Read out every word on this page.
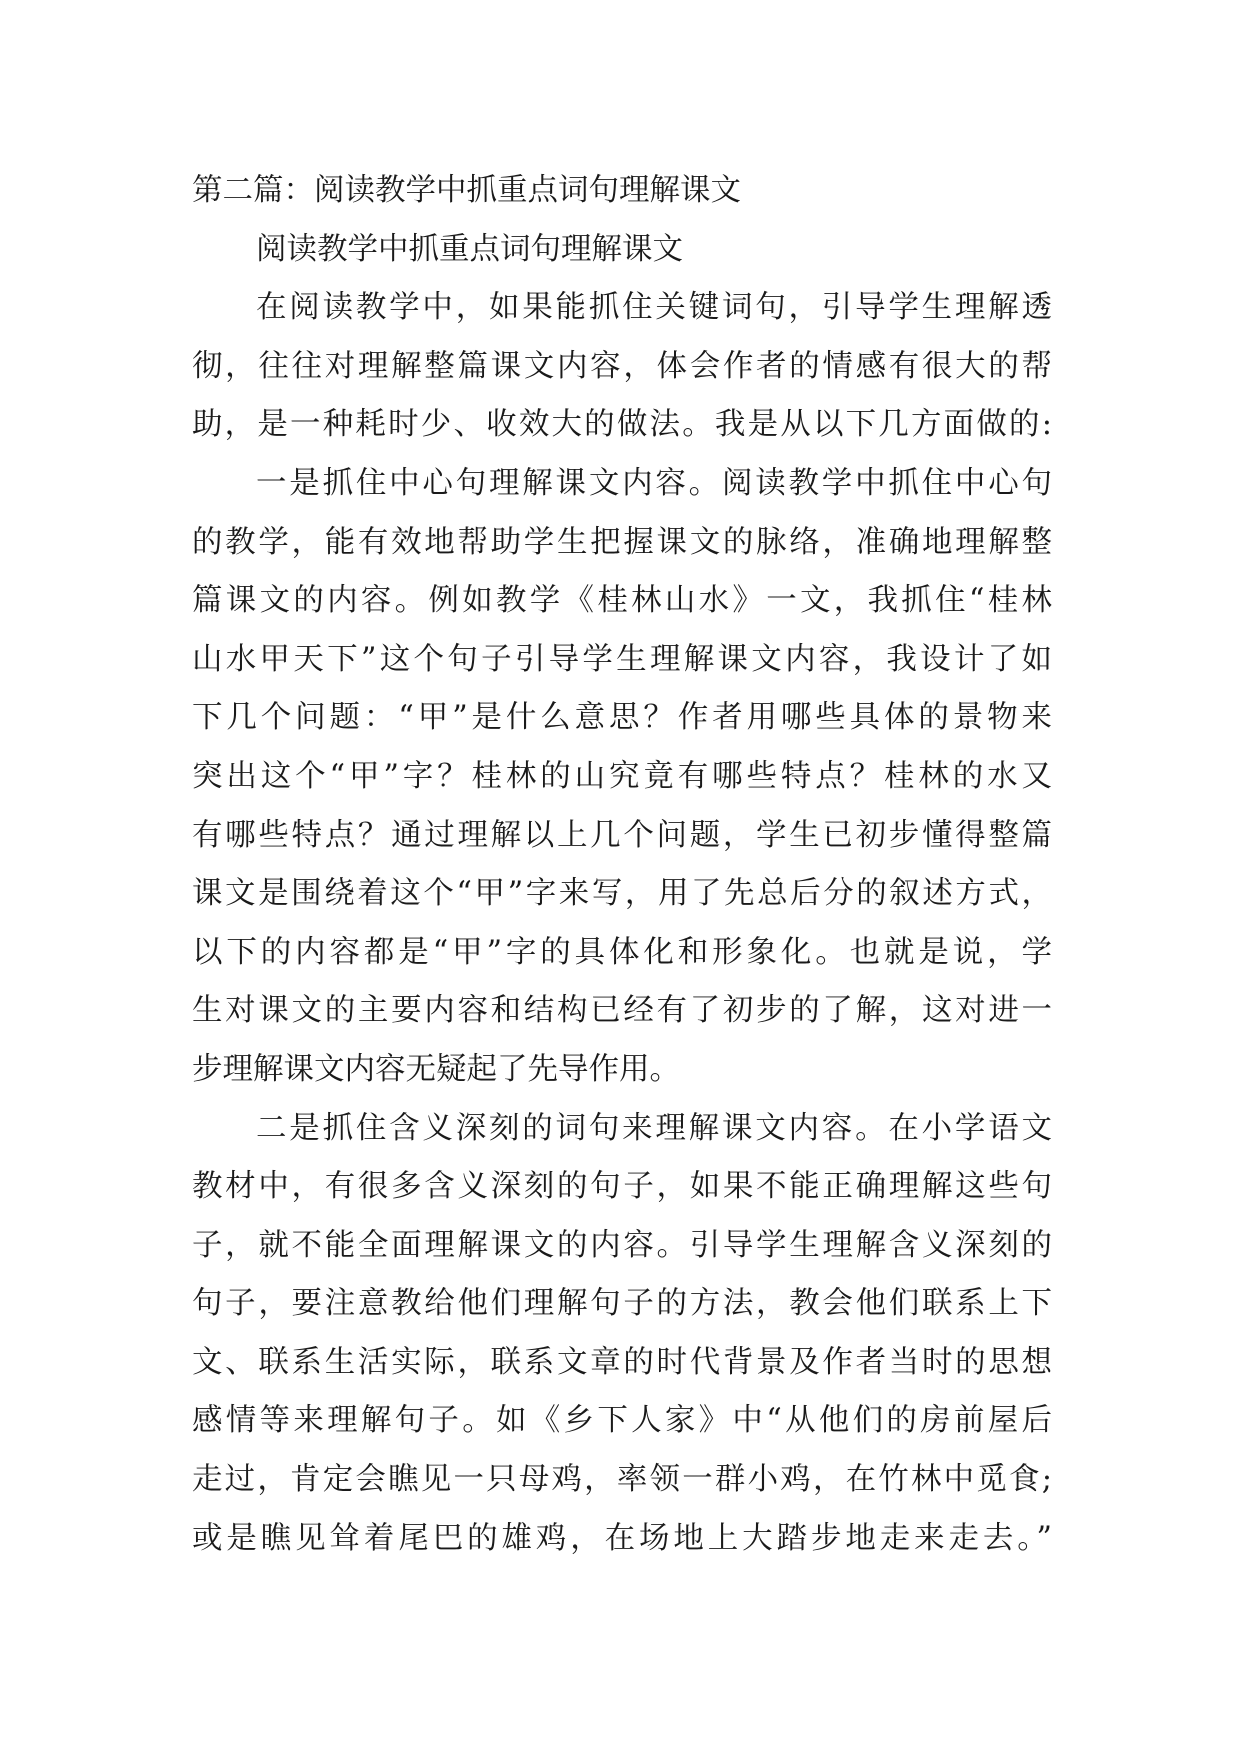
第二篇：阅读教学中抓重点词句理解课文
阅读教学中抓重点词句理解课文
在阅读教学中，如果能抓住关键词句，引导学生理解透
彻，往往对理解整篇课文内容，体会作者的情感有很大的帮
助，是一种耗时少、收效大的做法。我是从以下几方面做的:
一是抓住中心句理解课文内容。阅读教学中抓住中心句
的教学，能有效地帮助学生把握课文的脉络，准确地理解整
篇课文的内容。例如教学《桂林山水》一文，我抓住“桂林
山水甲天下”这个句子引导学生理解课文内容，我设计了如
下几个问题：“甲”是什么意思？作者用哪些具体的景物来
突出这个“甲”字？桂林的山究竟有哪些特点？桂林的水又
有哪些特点？通过理解以上几个问题，学生已初步懂得整篇
课文是围绕着这个“甲”字来写，用了先总后分的叙述方式，
以下的内容都是“甲”字的具体化和形象化。也就是说，学
生对课文的主要内容和结构已经有了初步的了解，这对进一
步理解课文内容无疑起了先导作用。
二是抓住含义深刻的词句来理解课文内容。在小学语文
教材中，有很多含义深刻的句子，如果不能正确理解这些句
子，就不能全面理解课文的内容。引导学生理解含义深刻的
句子，要注意教给他们理解句子的方法，教会他们联系上下
文、联系生活实际，联系文章的时代背景及作者当时的思想
感情等来理解句子。如《乡下人家》中“从他们的房前屋后
走过，肯定会瞧见一只母鸡，率领一群小鸡，在竹林中觅食;
或是瞧见耸着尾巴的雄鸡，在场地上大踏步地走来走去。”
